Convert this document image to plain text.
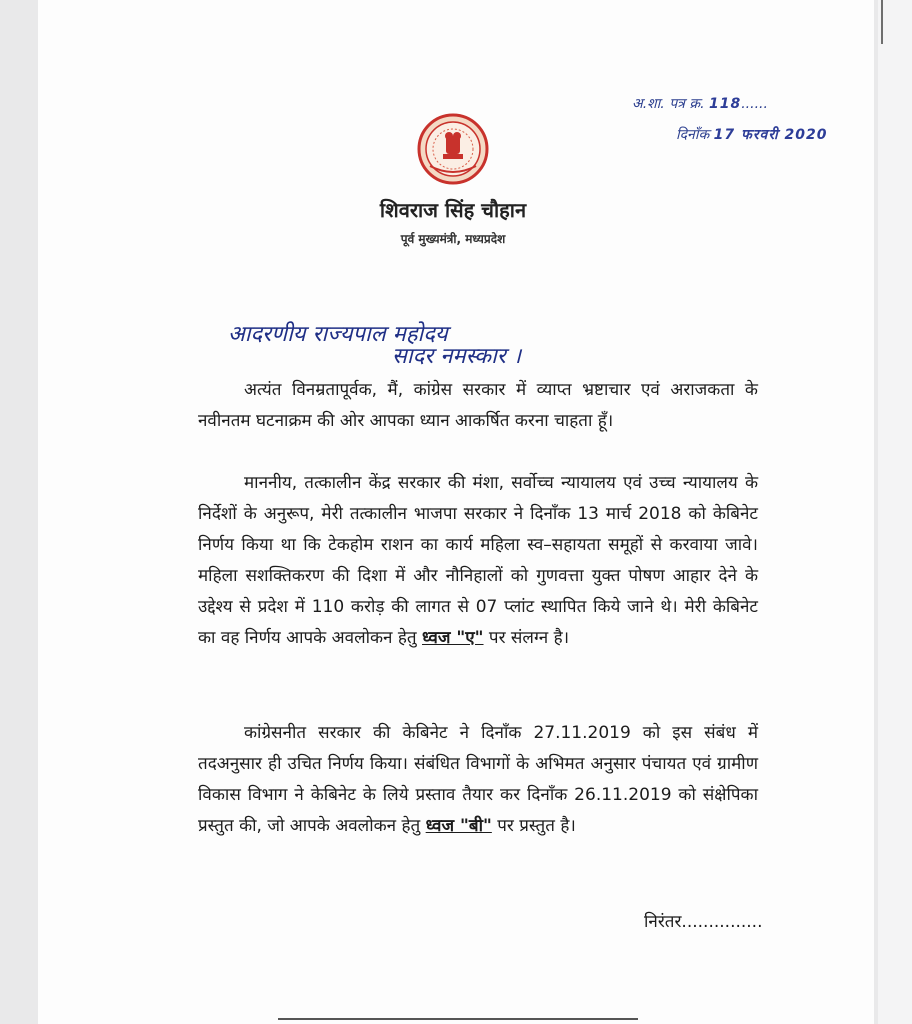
अ.शा. पत्र क्र. 118......
दिनाँक 17 फरवरी 2020
शिवराज सिंह चौहान
पूर्व मुख्यमंत्री, मध्यप्रदेश
आदरणीय राज्यपाल महोदय
सादर नमस्कार ।

अत्यंत विनम्रतापूर्वक, मैं, कांग्रेस सरकार में व्याप्त भ्रष्टाचार एवं अराजकता के नवीनतम घटनाक्रम की ओर आपका ध्यान आकर्षित करना चाहता हूँ।

माननीय, तत्कालीन केंद्र सरकार की मंशा, सर्वोच्च न्यायालय एवं उच्च न्यायालय के निर्देशों के अनुरूप, मेरी तत्कालीन भाजपा सरकार ने दिनाँक 13 मार्च 2018 को केबिनेट निर्णय किया था कि टेकहोम राशन का कार्य महिला स्व–सहायता समूहों से करवाया जावे। महिला सशक्तिकरण की दिशा में और नौनिहालों को गुणवत्ता युक्त पोषण आहार देने के उद्देश्य से प्रदेश में 110 करोड़ की लागत से 07 प्लांट स्थापित किये जाने थे। मेरी केबिनेट का वह निर्णय आपके अवलोकन हेतु ध्वज "ए" पर संलग्न है।

कांग्रेसनीत सरकार की केबिनेट ने दिनाँक 27.11.2019 को इस संबंध में तदअनुसार ही उचित निर्णय किया। संबंधित विभागों के अभिमत अनुसार पंचायत एवं ग्रामीण विकास विभाग ने केबिनेट के लिये प्रस्ताव तैयार कर दिनाँक 26.11.2019 को संक्षेपिका प्रस्तुत की, जो आपके अवलोकन हेतु ध्वज "बी" पर प्रस्तुत है।

निरंतर...............
